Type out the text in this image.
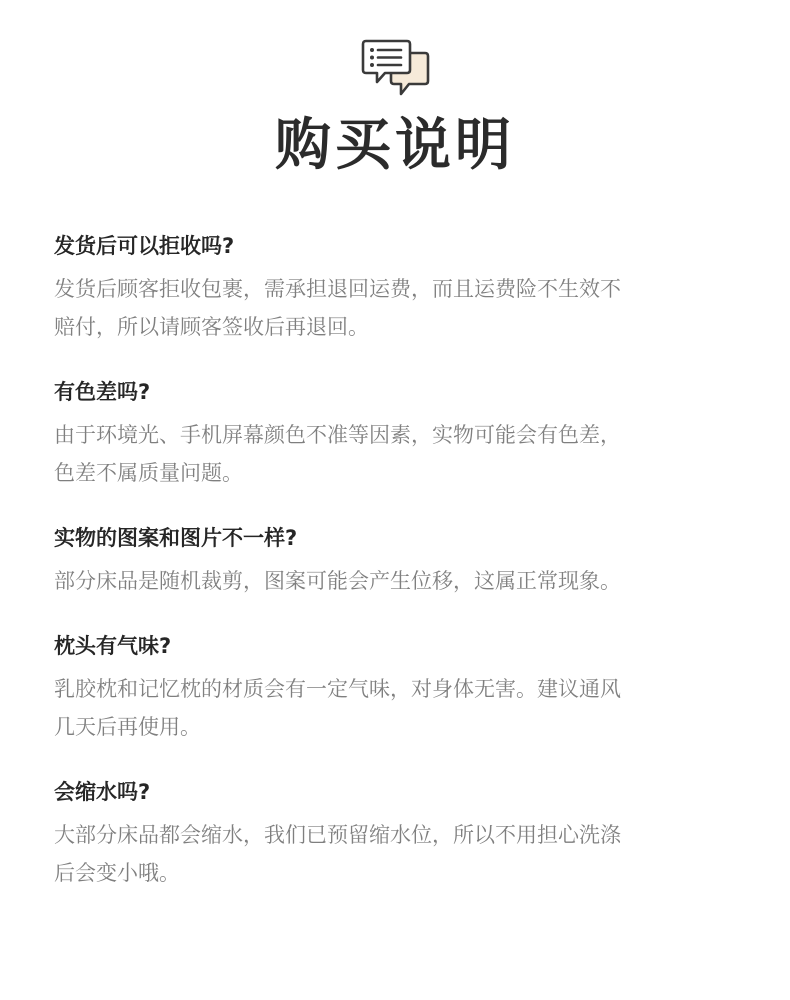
购买说明
发货后可以拒收吗?
发货后顾客拒收包裹，需承担退回运费，而且运费险不生效不
赔付，所以请顾客签收后再退回。
有色差吗?
由于环境光、手机屏幕颜色不准等因素，实物可能会有色差，
色差不属质量问题。
实物的图案和图片不一样?
部分床品是随机裁剪，图案可能会产生位移，这属正常现象。
枕头有气味?
乳胶枕和记忆枕的材质会有一定气味，对身体无害。建议通风
几天后再使用。
会缩水吗?
大部分床品都会缩水，我们已预留缩水位，所以不用担心洗涤
后会变小哦。
